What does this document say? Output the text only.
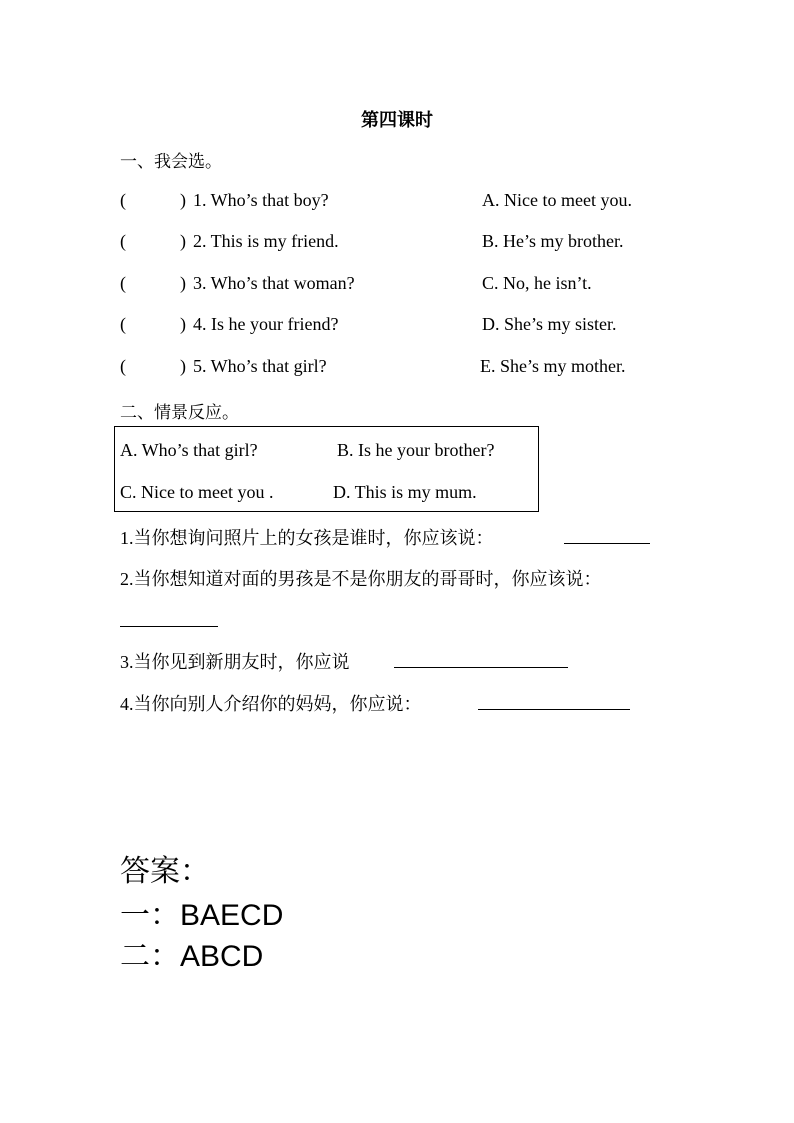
第四课时
一、我会选。
(	) 1. Who’s that boy?	A. Nice to meet you.
(	) 2. This is my friend.	B. He’s my brother.
(	) 3. Who’s that woman?	C. No, he isn’t.
(	) 4. Is he your friend?	D. She’s my sister.
(	) 5. Who’s that girl?	E. She’s my mother.
二、情景反应。
A. Who’s that girl?	B. Is he your brother?
C. Nice to meet you .	D. This is my mum.
1.当你想询问照片上的女孩是谁时，你应该说：
2.当你想知道对面的男孩是不是你朋友的哥哥时，你应该说：
3.当你见到新朋友时，你应说
4.当你向别人介绍你的妈妈，你应说：
答案：
一：BAECD
二：ABCD
